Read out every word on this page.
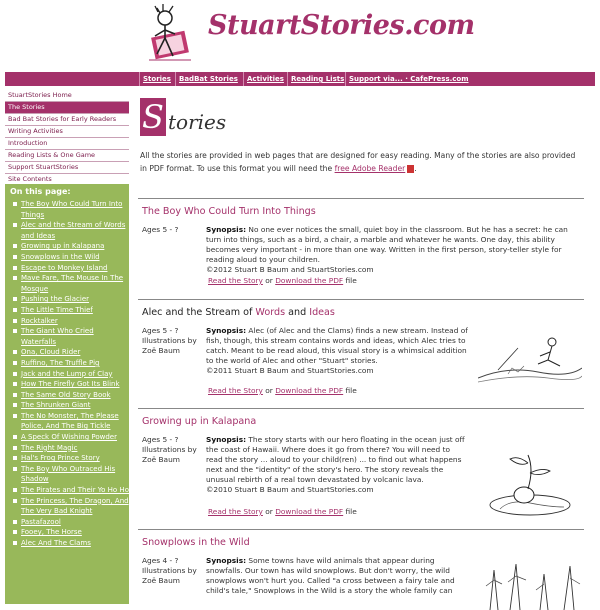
StuartStories.com
Stories	BadBat Stories	Activities	Reading Lists Support via... · CafePress.com
StuartStories Home
The Stories
Bad Bat Stories for Early Readers
Writing Activities
Introduction
Reading Lists & One Game
Support StuartStories
Site Contents
On this page:
The Boy Who Could Turn Into Things
Alec and the Stream of Words and Ideas
Growing up in Kalapana
Snowplows in the Wild
Escape to Monkey Island
Mave Fare, The Mouse In The Mosque
Pushing the Glacier
The Little Time Thief
Rocktalker
The Giant Who Cried Waterfalls
Ona, Cloud Rider
Ruffino, The Truffle Pig
Jack and the Lump of Clay
How The Firefly Got Its Blink
The Same Old Story Book
The Shrunken Giant
The No Monster, The Please Police, And The Big Tickle
A Speck Of Wishing Powder
The Right Magic
Hal's Frog Prince Story
The Boy Who Outraced His Shadow
The Pirates and Their Yo Ho Ho
The Princess, The Dragon, And The Very Bad Knight
Pastafazool
Fooey, The Horse
Alec And The Clams
S tories
All the stories are provided in web pages that are designed for easy reading. Many of the stories are also provided in PDF format. To use this format you will need the free Adobe Reader .
The Boy Who Could Turn Into Things
Ages 5 - ?	Synopsis: No one ever notices the small, quiet boy in the classroom. But he has a secret: he can turn into things, such as a bird, a chair, a marble and whatever he wants. One day, this ability becomes very important - in more than one way. Written in the first person, story-teller style for reading aloud to your children.
©2012 Stuart B Baum and StuartStories.com
Read the Story or Download the PDF file
Alec and the Stream of Words and Ideas
Ages 5 - ?
Illustrations by Zoë Baum
Synopsis: Alec (of Alec and the Clams) finds a new stream. Instead of fish, though, this stream contains words and ideas, which Alec tries to catch. Meant to be read aloud, this visual story is a whimsical addition to the world of Alec and other "Stuart" stories.
©2011 Stuart B Baum and StuartStories.com
Read the Story or Download the PDF file
Growing up in Kalapana
Ages 5 - ?
Illustrations by Zoë Baum
Synopsis: The story starts with our hero floating in the ocean just off the coast of Hawaii. Where does it go from there? You will need to read the story ... aloud to your child(ren) ... to find out what happens next and the "identity" of the story's hero. The story reveals the unusual rebirth of a real town devastated by volcanic lava.
©2010 Stuart B Baum and StuartStories.com
Read the Story or Download the PDF file
Snowplows in the Wild
Ages 4 - ?
Illustrations by Zoë Baum
Synopsis: Some towns have wild animals that appear during snowfalls. Our town has wild snowplows. But don't worry, the wild snowplows won't hurt you. Called "a cross between a fairy tale and child's tale," Snowplows in the Wild is a story the whole family can
